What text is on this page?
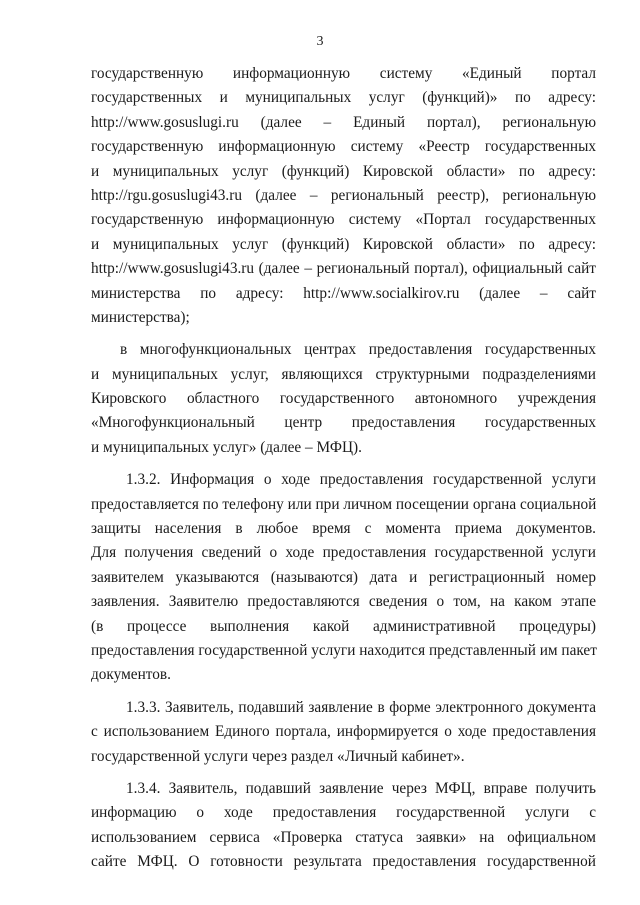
3

государственную информационную систему «Единый портал
государственных и муниципальных услуг (функций)» по адресу:
http://www.gosuslugi.ru (далее – Единый портал), региональную
государственную информационную систему «Реестр государственных
и муниципальных услуг (функций) Кировской области» по адресу:
http://rgu.gosuslugi43.ru (далее – региональный реестр), региональную
государственную информационную систему «Портал государственных
и муниципальных услуг (функций) Кировской области» по адресу:
http://www.gosuslugi43.ru (далее – региональный портал), официальный сайт
министерства по адресу: http://www.socialkirov.ru (далее – сайт
министерства);

в многофункциональных центрах предоставления государственных
и муниципальных услуг, являющихся структурными подразделениями
Кировского областного государственного автономного учреждения
«Многофункциональный центр предоставления государственных
и муниципальных услуг» (далее – МФЦ).

1.3.2. Информация о ходе предоставления государственной услуги
предоставляется по телефону или при личном посещении органа социальной
защиты населения в любое время с момента приема документов.
Для получения сведений о ходе предоставления государственной услуги
заявителем указываются (называются) дата и регистрационный номер
заявления. Заявителю предоставляются сведения о том, на каком этапе
(в процессе выполнения какой административной процедуры)
предоставления государственной услуги находится представленный им пакет
документов.

1.3.3. Заявитель, подавший заявление в форме электронного документа
с использованием Единого портала, информируется о ходе предоставления
государственной услуги через раздел «Личный кабинет».

1.3.4. Заявитель, подавший заявление через МФЦ, вправе получить
информацию о ходе предоставления государственной услуги с
использованием сервиса «Проверка статуса заявки» на официальном
сайте МФЦ. О готовности результата предоставления государственной
